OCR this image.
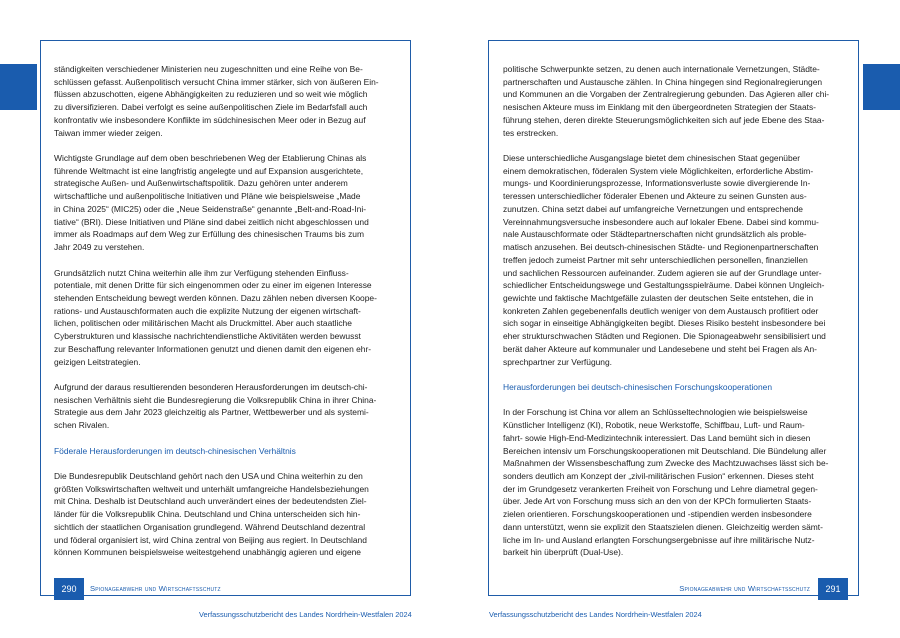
ständigkeiten verschiedener Ministerien neu zugeschnitten und eine Reihe von Be-
schlüssen gefasst. Außenpolitisch versucht China immer stärker, sich von äußeren Ein-
flüssen abzuschotten, eigene Abhängigkeiten zu reduzieren und so weit wie möglich
zu diversifizieren. Dabei verfolgt es seine außenpolitischen Ziele im Bedarfsfall auch
konfrontativ wie insbesondere Konflikte im südchinesischen Meer oder in Bezug auf
Taiwan immer wieder zeigen.

Wichtigste Grundlage auf dem oben beschriebenen Weg der Etablierung Chinas als
führende Weltmacht ist eine langfristig angelegte und auf Expansion ausgerichtete,
strategische Außen- und Außenwirtschaftspolitik. Dazu gehören unter anderem
wirtschaftliche und außenpolitische Initiativen und Pläne wie beispielsweise „Made
in China 2025“ (MIC25) oder die „Neue Seidenstraße“ genannte „Belt-and-Road-Ini-
tiative“ (BRI). Diese Initiativen und Pläne sind dabei zeitlich nicht abgeschlossen und
immer als Roadmaps auf dem Weg zur Erfüllung des chinesischen Traums bis zum
Jahr 2049 zu verstehen.

Grundsätzlich nutzt China weiterhin alle ihm zur Verfügung stehenden Einfluss-
potentiale, mit denen Dritte für sich eingenommen oder zu einer im eigenen Interesse
stehenden Entscheidung bewegt werden können. Dazu zählen neben diversen Koope-
rations- und Austauschformaten auch die explizite Nutzung der eigenen wirtschaft-
lichen, politischen oder militärischen Macht als Druckmittel. Aber auch staatliche
Cyberstrukturen und klassische nachrichtendienstliche Aktivitäten werden bewusst
zur Beschaffung relevanter Informationen genutzt und dienen damit den eigenen ehr-
geizigen Leitstrategien.

Aufgrund der daraus resultierenden besonderen Herausforderungen im deutsch-chi-
nesischen Verhältnis sieht die Bundesregierung die Volksrepublik China in ihrer China-
Strategie aus dem Jahr 2023 gleichzeitig als Partner, Wettbewerber und als systemi-
schen Rivalen.

Föderale Herausforderungen im deutsch-chinesischen Verhältnis

Die Bundesrepublik Deutschland gehört nach den USA und China weiterhin zu den
größten Volkswirtschaften weltweit und unterhält umfangreiche Handelsbeziehungen
mit China. Deshalb ist Deutschland auch unverändert eines der bedeutendsten Ziel-
länder für die Volksrepublik China. Deutschland und China unterscheiden sich hin-
sichtlich der staatlichen Organisation grundlegend. Während Deutschland dezentral
und föderal organisiert ist, wird China zentral von Beijing aus regiert. In Deutschland
können Kommunen beispielsweise weitestgehend unabhängig agieren und eigene

politische Schwerpunkte setzen, zu denen auch internationale Vernetzungen, Städte-
partnerschaften und Austausche zählen. In China hingegen sind Regionalregierungen
und Kommunen an die Vorgaben der Zentralregierung gebunden. Das Agieren aller chi-
nesischen Akteure muss im Einklang mit den übergeordneten Strategien der Staats-
führung stehen, deren direkte Steuerungsmöglichkeiten sich auf jede Ebene des Staa-
tes erstrecken.

Diese unterschiedliche Ausgangslage bietet dem chinesischen Staat gegenüber
einem demokratischen, föderalen System viele Möglichkeiten, erforderliche Abstim-
mungs- und Koordinierungsprozesse, Informationsverluste sowie divergierende In-
teressen unterschiedlicher föderaler Ebenen und Akteure zu seinen Gunsten aus-
zunutzen. China setzt dabei auf umfangreiche Vernetzungen und entsprechende
Vereinnahmungsversuche insbesondere auch auf lokaler Ebene. Dabei sind kommu-
nale Austauschformate oder Städtepartnerschaften nicht grundsätzlich als proble-
matisch anzusehen. Bei deutsch-chinesischen Städte- und Regionenpartnerschaften
treffen jedoch zumeist Partner mit sehr unterschiedlichen personellen, finanziellen
und sachlichen Ressourcen aufeinander. Zudem agieren sie auf der Grundlage unter-
schiedlicher Entscheidungswege und Gestaltungsspielräume. Dabei können Ungleich-
gewichte und faktische Machtgefälle zulasten der deutschen Seite entstehen, die in
konkreten Zahlen gegebenenfalls deutlich weniger von dem Austausch profitiert oder
sich sogar in einseitige Abhängigkeiten begibt. Dieses Risiko besteht insbesondere bei
eher strukturschwachen Städten und Regionen. Die Spionageabwehr sensibilisiert und
berät daher Akteure auf kommunaler und Landesebene und steht bei Fragen als An-
sprechpartner zur Verfügung.

Herausforderungen bei deutsch-chinesischen Forschungskooperationen

In der Forschung ist China vor allem an Schlüsseltechnologien wie beispielsweise
Künstlicher Intelligenz (KI), Robotik, neue Werkstoffe, Schiffbau, Luft- und Raum-
fahrt- sowie High-End-Medizintechnik interessiert. Das Land bemüht sich in diesen
Bereichen intensiv um Forschungskooperationen mit Deutschland. Die Bündelung aller
Maßnahmen der Wissensbeschaffung zum Zwecke des Machtzuwachses lässt sich be-
sonders deutlich am Konzept der „zivil-militärischen Fusion“ erkennen. Dieses steht
der im Grundgesetz verankerten Freiheit von Forschung und Lehre diametral gegen-
über. Jede Art von Forschung muss sich an den von der KPCh formulierten Staats-
zielen orientieren. Forschungskooperationen und -stipendien werden insbesondere
dann unterstützt, wenn sie explizit den Staatszielen dienen. Gleichzeitig werden sämt-
liche im In- und Ausland erlangten Forschungsergebnisse auf ihre militärische Nutz-
barkeit hin überprüft (Dual-Use).

290	Spionageabwehr und Wirtschaftsschutz	291
Spionageabwehr und Wirtschaftsschutz
Verfassungsschutzbericht des Landes Nordrhein-Westfalen 2024	Verfassungsschutzbericht des Landes Nordrhein-Westfalen 2024
